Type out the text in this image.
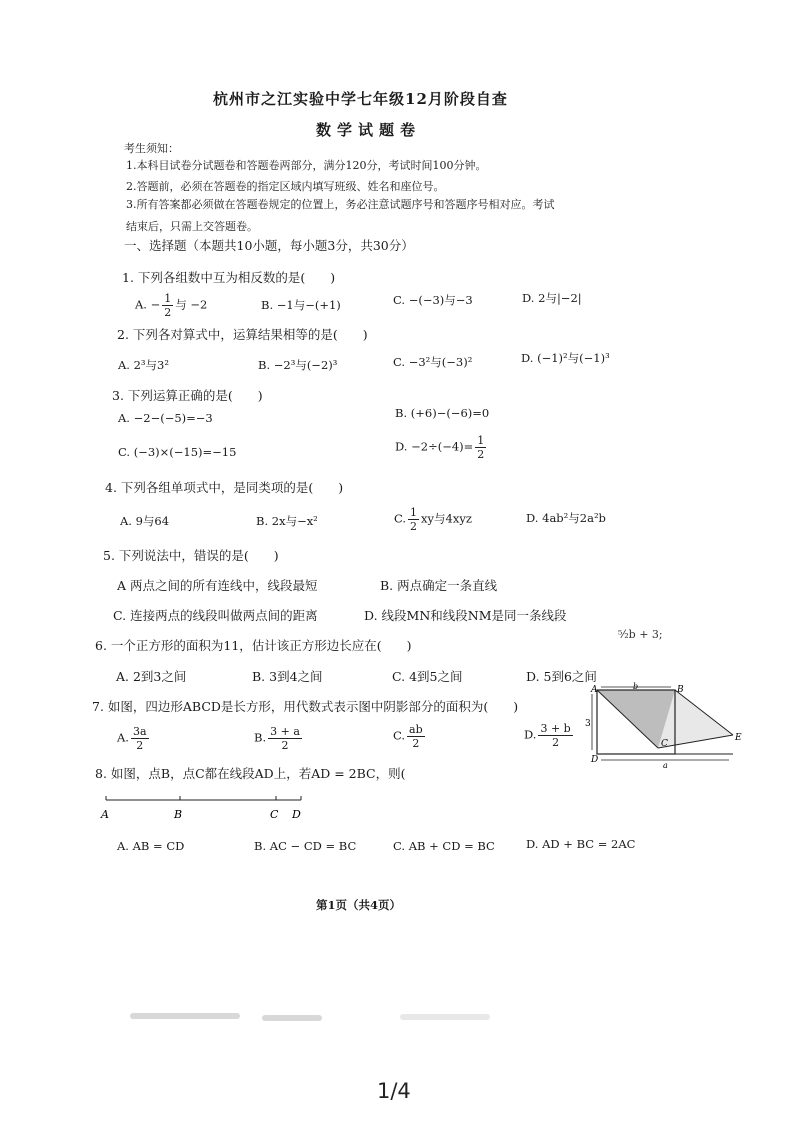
杭州市之江实验中学七年级12月阶段自查
数学试题卷
考生须知：
1.本科目试卷分试题卷和答题卷两部分，满分120分，考试时间100分钟。
2.答题前，必须在答题卷的指定区域内填写班级、姓名和座位号。
3.所有答案都必须做在答题卷规定的位置上，务必注意试题序号和答题序号相对应。考试
结束后，只需上交答题卷。
一、选择题（本题共10小题，每小题3分，共30分）
1. 下列各组数中互为相反数的是(　　)
A. − $\frac{1}{2}$ 与 −2	B. −1与−(+1)	C. −(−3)与−3	D. 2与|−2|
2. 下列各对算式中，运算结果相等的是(　　)
A. 2³与3²	B. −2³与(−2)³	C. −3²与(−3)²	D. (−1)²与(−1)³
3. 下列运算正确的是(　　)
A. −2−(−5)=−3	B. (+6)−(−6)=0
C. (−3)×(−15)=−15	D. $-2\div(-4)= \frac{1}{2}$
4. 下列各组单项式中，是同类项的是(　　)
A. 9与64	B. 2x与−x²	C. $\frac{1}{2}$ xy与4xyz	D. 4ab²与2a²b
5. 下列说法中，错误的是(　　)
A 两点之间的所有连线中，线段最短	B. 两点确定一条直线
C. 连接两点的线段叫做两点间的距离	D. 线段MN和线段NM是同一条线段
6. 一个正方形的面积为11，估计该正方形边长应在(　　)
⁵⁄₂b + 3;
A. 2到3之间	B. 3到4之间	C. 4到5之间	D. 5到6之间
7. 如图，四边形ABCD是长方形，用代数式表示图中阴影部分的面积为(　　)
A. $\frac{3a}{2}$	B. $\frac{3 + a}{2}$	C. $\frac{ab}{2}$	D. $\frac{3 + b}{2}$
A	B
C
D
E
b
3
a
8. 如图，点B，点C都在线段AD上，若AD = 2BC，则(
A	B	C D
A. AB = CD	B. AC − CD = BC	C. AB + CD = BC	D. AD + BC = 2AC
第1页（共4页）
1/4
